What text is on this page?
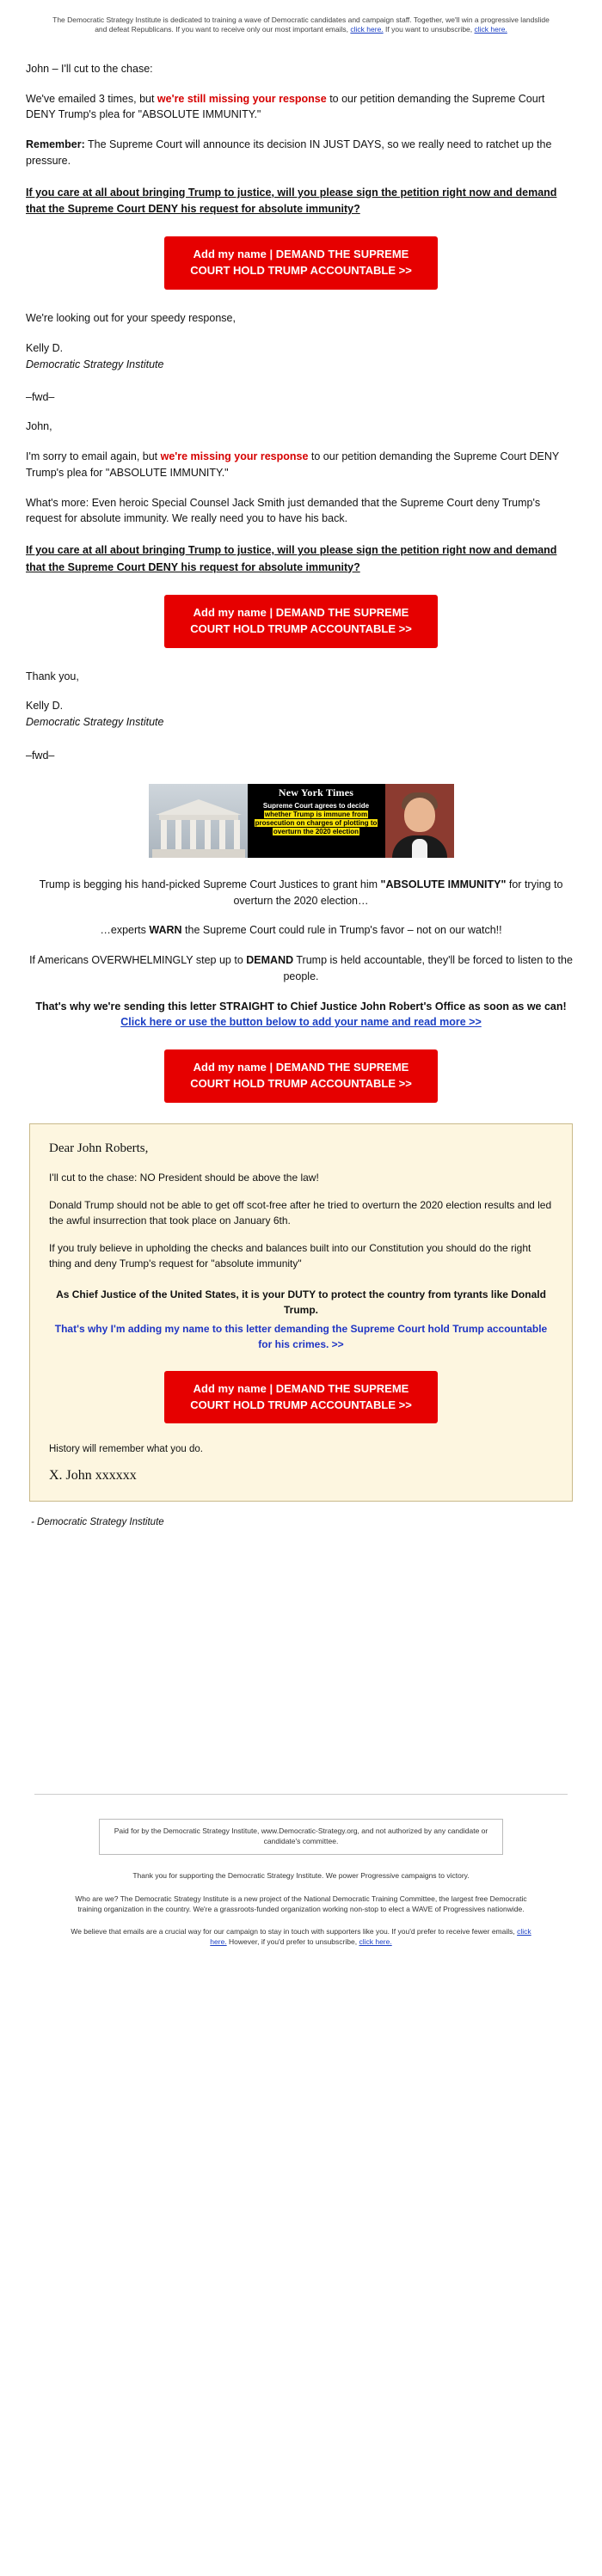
The Democratic Strategy Institute is dedicated to training a wave of Democratic candidates and campaign staff. Together, we'll win a progressive landslide and defeat Republicans. If you want to receive only our most important emails, click here. If you want to unsubscribe, click here.
John – I'll cut to the chase:
We've emailed 3 times, but we're still missing your response to our petition demanding the Supreme Court DENY Trump's plea for "ABSOLUTE IMMUNITY."
Remember: The Supreme Court will announce its decision IN JUST DAYS, so we really need to ratchet up the pressure.
If you care at all about bringing Trump to justice, will you please sign the petition right now and demand that the Supreme Court DENY his request for absolute immunity?
Add my name | DEMAND THE SUPREME
COURT HOLD TRUMP ACCOUNTABLE >>
We're looking out for your speedy response,
Kelly D.
Democratic Strategy Institute
–fwd–
John,
I'm sorry to email again, but we're missing your response to our petition demanding the Supreme Court DENY Trump's plea for "ABSOLUTE IMMUNITY."
What's more: Even heroic Special Counsel Jack Smith just demanded that the Supreme Court deny Trump's request for absolute immunity. We really need you to have his back.
If you care at all about bringing Trump to justice, will you please sign the petition right now and demand that the Supreme Court DENY his request for absolute immunity?
Add my name | DEMAND THE SUPREME
COURT HOLD TRUMP ACCOUNTABLE >>
Thank you,
Kelly D.
Democratic Strategy Institute
–fwd–
New York Times
Supreme Court agrees to decide whether Trump is immune from prosecution on charges of plotting to overturn the 2020 election
Trump is begging his hand-picked Supreme Court Justices to grant him "ABSOLUTE IMMUNITY" for trying to overturn the 2020 election…
…experts WARN the Supreme Court could rule in Trump's favor – not on our watch!!
If Americans OVERWHELMINGLY step up to DEMAND Trump is held accountable, they'll be forced to listen to the people.
That's why we're sending this letter STRAIGHT to Chief Justice John Robert's Office as soon as we can! Click here or use the button below to add your name and read more >>
Add my name | DEMAND THE SUPREME
COURT HOLD TRUMP ACCOUNTABLE >>
Dear John Roberts,
I'll cut to the chase: NO President should be above the law!
Donald Trump should not be able to get off scot-free after he tried to overturn the 2020 election results and led the awful insurrection that took place on January 6th.
If you truly believe in upholding the checks and balances built into our Constitution you should do the right thing and deny Trump's request for "absolute immunity"
As Chief Justice of the United States, it is your DUTY to protect the country from tyrants like Donald Trump.
That's why I'm adding my name to this letter demanding the Supreme Court hold Trump accountable for his crimes. >>
Add my name | DEMAND THE SUPREME
COURT HOLD TRUMP ACCOUNTABLE >>
History will remember what you do.
X. John xxxxxx
- Democratic Strategy Institute
Paid for by the Democratic Strategy Institute, www.Democratic-Strategy.org, and not authorized by any candidate or candidate's committee.
Thank you for supporting the Democratic Strategy Institute. We power Progressive campaigns to victory.
Who are we? The Democratic Strategy Institute is a new project of the National Democratic Training Committee, the largest free Democratic training organization in the country. We're a grassroots-funded organization working non-stop to elect a WAVE of Progressives nationwide.
We believe that emails are a crucial way for our campaign to stay in touch with supporters like you. If you'd prefer to receive fewer emails, click here. However, if you'd prefer to unsubscribe, click here.
